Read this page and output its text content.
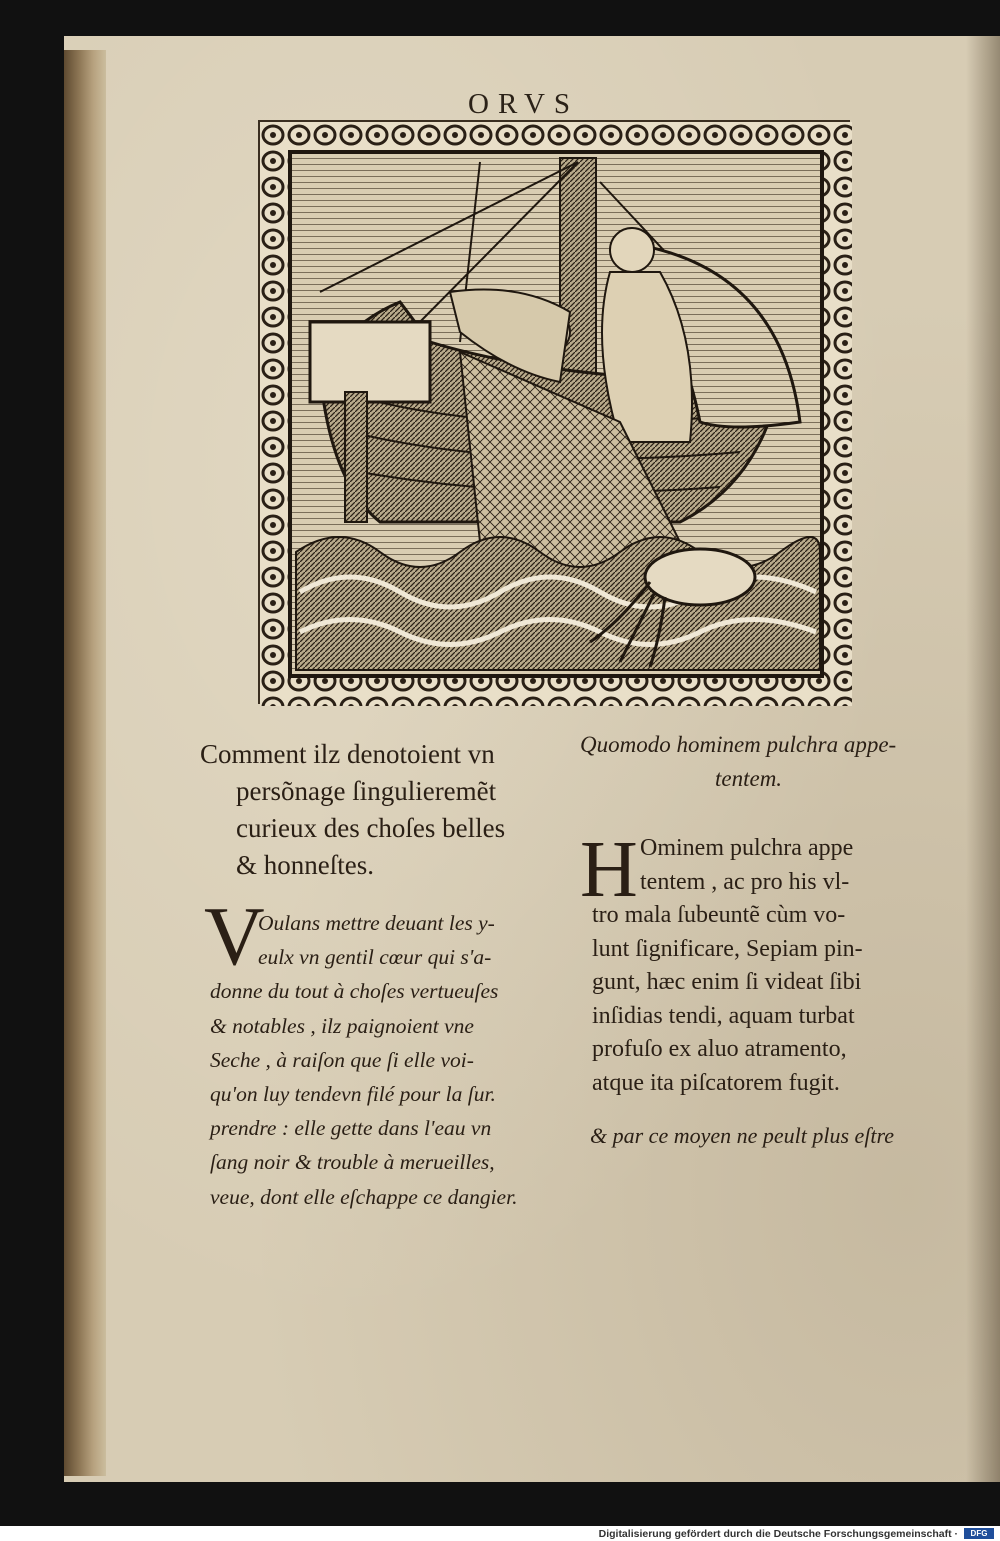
ORVS
Comment ilz denotoient vn
persõnage ſingulieremẽt
curieux des choſes belles
& honneſtes.
Quomodo hominem pulchra appe-
tentem.
V
Oulans mettre deuant les y-
eulx vn gentil cœur qui s'a-
donne du tout à choſes vertueuſes
& notables , ilz paignoient vne
Seche , à raiſon que ſi elle voi-
qu'on luy tendevn filé pour la ſur.
prendre : elle gette dans l'eau vn
ſang noir & trouble à merueilles,
veue, dont elle eſchappe ce dangier.
H Ominem pulchra appe
tentem , ac pro his vl-
tro mala ſubeuntẽ cùm vo-
lunt ſignificare, Sepiam pin-
gunt, hæc enim ſi videat ſibi
inſidias tendi, aquam turbat
profuſo ex aluo atramento,
atque ita piſcatorem fugit.
& par ce moyen ne peult plus eſtre
Digitalisierung gefördert durch die Deutsche Forschungsgemeinschaft ·	DFG
